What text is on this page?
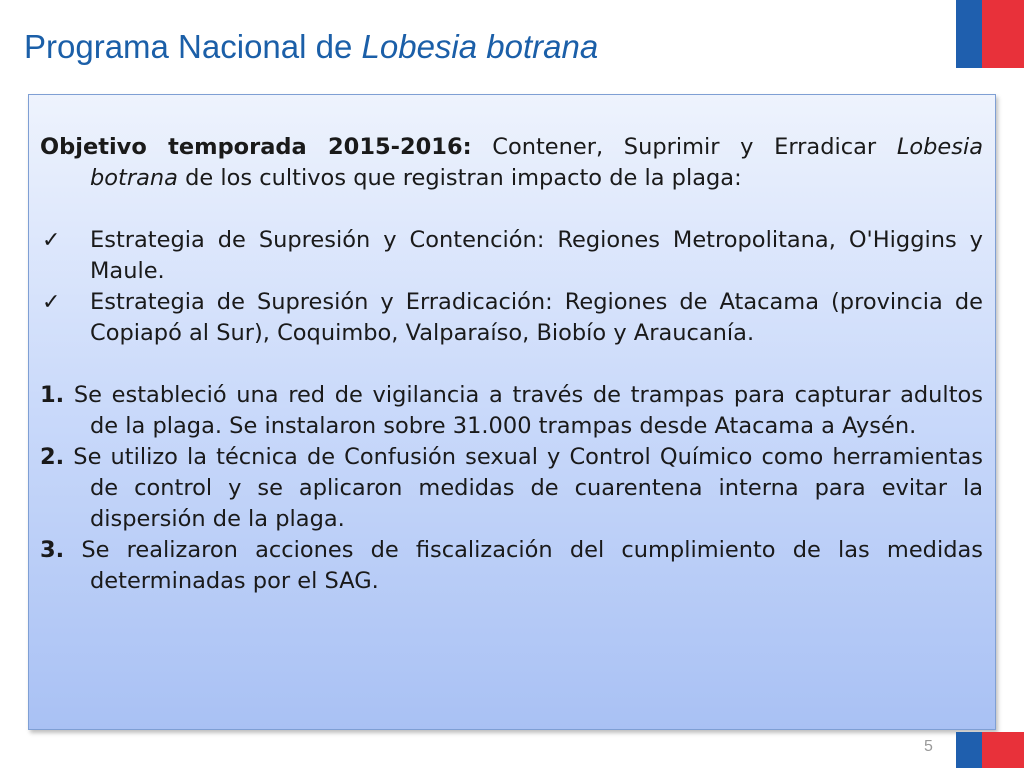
Programa Nacional de Lobesia botrana

Objetivo temporada 2015-2016: Contener, Suprimir y Erradicar Lobesia botrana de los cultivos que registran impacto de la plaga:

✓ Estrategia de Supresión y Contención: Regiones Metropolitana, O'Higgins y Maule.

✓ Estrategia de Supresión y Erradicación: Regiones de Atacama (provincia de Copiapó al Sur), Coquimbo, Valparaíso, Biobío y Araucanía.

1. Se estableció una red de vigilancia a través de trampas para capturar adultos de la plaga. Se instalaron sobre 31.000 trampas desde Atacama a Aysén.

2. Se utilizo la técnica de Confusión sexual y Control Químico como herramientas de control y se aplicaron medidas de cuarentena interna para evitar la dispersión de la plaga.

3. Se realizaron acciones de fiscalización del cumplimiento de las medidas determinadas por el SAG.

5
